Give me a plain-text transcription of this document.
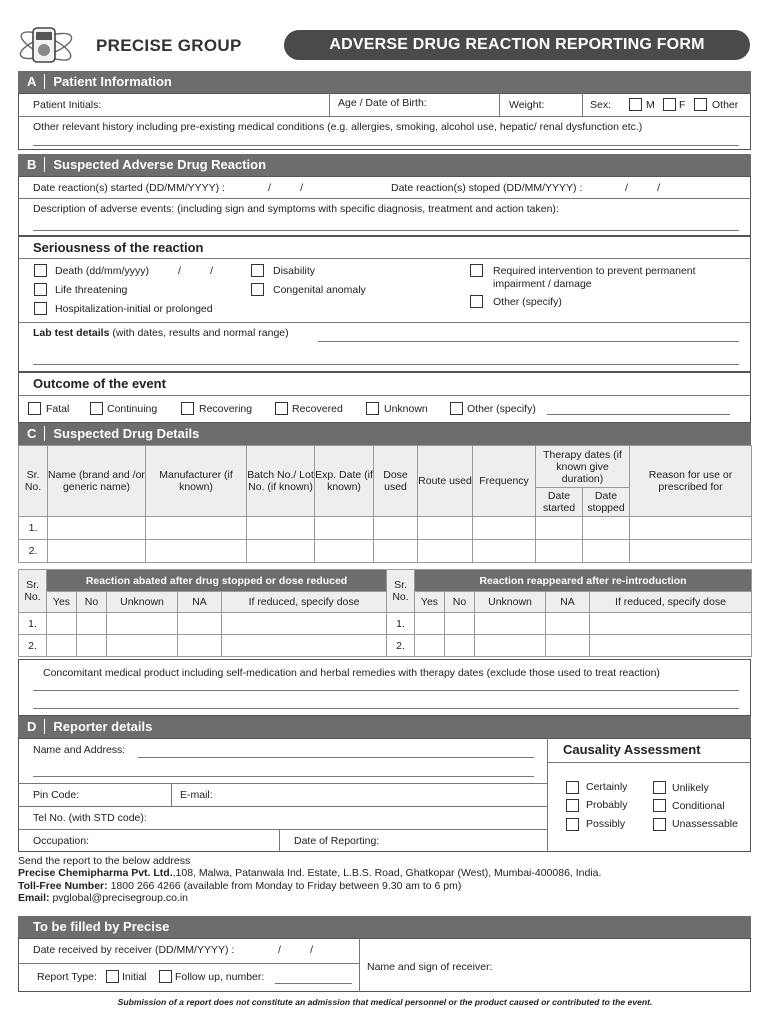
PRECISE GROUP	ADVERSE DRUG REACTION REPORTING FORM
A Patient Information
Patient Initials:	Age / Date of Birth:	Weight:	Sex:	M F	Other
Other relevant history including pre-existing medical conditions (e.g. allergies, smoking, alcohol use, hepatic/ renal dysfunction etc.)
B Suspected Adverse Drug Reaction
Date reaction(s) started (DD/MM/YYYY) :	/          /	Date reaction(s) stoped (DD/MM/YYYY) :	/          /
Description of adverse events: (including sign and symptoms with specific diagnosis, treatment and action taken):
Seriousness of the reaction
Death (dd/mm/yyyy)	/          /
Life threatening
Hospitalization-initial or prolonged
Disability
Congenital anomaly
Required intervention to prevent permanent
impairment / damage
Other (specify)
Lab test details (with dates, results and normal range)
Outcome of the event
Fatal	Continuing	Recovering	Recovered	Unknown	Other (specify)
C Suspected Drug Details
Sr. No.	Name (brand and /or generic name)	Manufacturer (if known)	Batch No./ Lot No. (if known)	Exp. Date (if known)	Dose used	Route used	Frequency	Therapy dates (if known give duration)		Reason for use or prescribed for
								Date started	Date stopped	
1.										
2.										
Sr. No.	Reaction abated after drug stopped or dose reduced				
	Yes	No	Unknown	NA	If reduced, specify dose
1.					
2.					
Sr. No.	Reaction reappeared after re-introduction				
	Yes	No	Unknown	NA	If reduced, specify dose
1.					
2.					
Concomitant medical product including self-medication and herbal remedies with therapy dates (exclude those used to treat reaction)
D Reporter details
Name and Address:
Pin Code:	E-mail:
Tel No. (with STD code):
Occupation:	Date of Reporting:
Causality Assessment
Certainly
Probably
Possibly
Unlikely
Conditional
Unassessable
Send the report to the below address
Precise Chemipharma Pvt. Ltd.,108, Malwa, Patanwala Ind. Estate, L.B.S. Road, Ghatkopar (West), Mumbai-400086, India.
Toll-Free Number: 1800 266 4266 (available from Monday to Friday between 9.30 am to 6 pm)
Email: pvglobal@precisegroup.co.in
To be filled by Precise
Date received by receiver (DD/MM/YYYY) :	/          /
Report Type: Initial	Follow up, number:
Name and sign of receiver:
Submission of a report does not constitute an admission that medical personnel or the product caused or contributed to the event.
